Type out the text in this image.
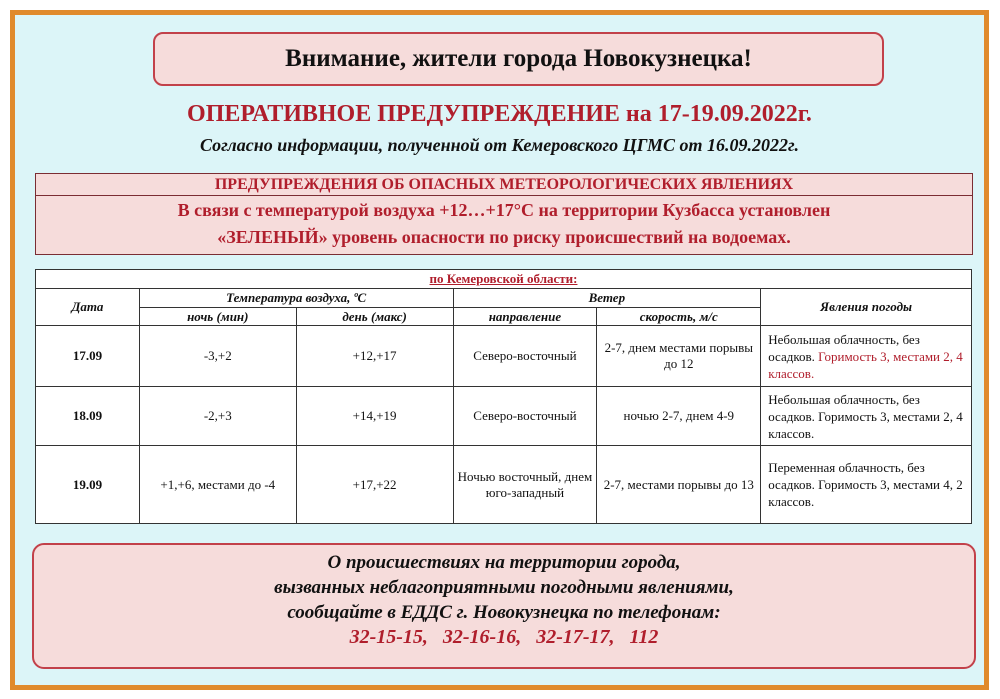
Внимание, жители города Новокузнецка!
ОПЕРАТИВНОЕ ПРЕДУПРЕЖДЕНИЕ на 17-19.09.2022г.
Согласно информации, полученной от Кемеровского ЦГМС от 16.09.2022г.
ПРЕДУПРЕЖДЕНИЯ ОБ ОПАСНЫХ МЕТЕОРОЛОГИЧЕСКИХ ЯВЛЕНИЯХ
В связи с температурой воздуха +12…+17°С на территории Кузбасса установлен
«ЗЕЛЕНЫЙ» уровень опасности по риску происшествий на водоемах.
по Кемеровской области:					
Дата	Температура воздуха, ºС		Ветер		Явления погоды
	ночь (мин)	день (макс)	направление	скорость, м/с	
17.09	-3,+2	+12,+17	Северо-восточный	2-7, днем местами порывы до 12	Небольшая облачность, без осадков. Горимость 3, местами 2, 4 классов.
18.09	-2,+3	+14,+19	Северо-восточный	ночью 2-7, днем 4-9	Небольшая облачность, без осадков. Горимость 3, местами 2, 4 классов.
19.09	+1,+6, местами до -4	+17,+22	Ночью восточный, днем юго-западный	2-7, местами порывы до 13	Переменная облачность, без осадков. Горимость 3, местами 4, 2 классов.
О происшествиях на территории города,
вызванных неблагоприятными погодными явлениями,
сообщайте в ЕДДС г. Новокузнецка по телефонам:
32-15-15, 32-16-16, 32-17-17, 112
